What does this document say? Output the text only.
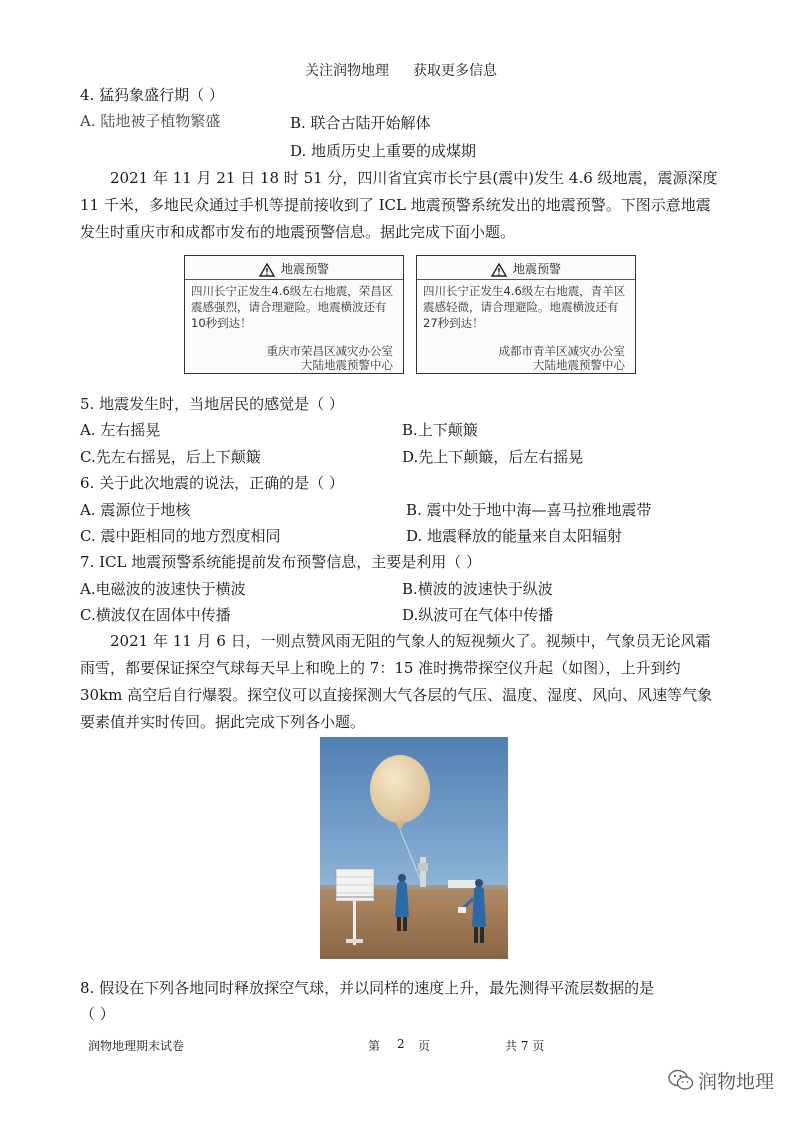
关注润物地理 获取更多信息
4. 猛犸象盛行期（ ）
A. 陆地被子植物繁盛	B. 联合古陆开始解体
D. 地质历史上重要的成煤期
2021 年 11 月 21 日 18 时 51 分，四川省宜宾市长宁县(震中)发生 4.6 级地震，震源深度 11 千米，多地民众通过手机等提前接收到了 ICL 地震预警系统发出的地震预警。下图示意地震发生时重庆市和成都市发布的地震预警信息。据此完成下面小题。
地震预警
四川长宁正发生4.6级左右地震，荣昌区震感强烈，请合理避险。地震横波还有10秒到达！
重庆市荣昌区减灾办公室
大陆地震预警中心
地震预警
四川长宁正发生4.6级左右地震，青羊区震感轻微，请合理避险。地震横波还有27秒到达！
成都市青羊区减灾办公室
大陆地震预警中心
5. 地震发生时，当地居民的感觉是（ ）
A. 左右摇晃	B.上下颠簸
C.先左右摇晃，后上下颠簸	D.先上下颠簸，后左右摇晃
6. 关于此次地震的说法，正确的是（ ）
A. 震源位于地核	B. 震中处于地中海—喜马拉雅地震带
C. 震中距相同的地方烈度相同	D. 地震释放的能量来自太阳辐射
7. ICL 地震预警系统能提前发布预警信息，主要是利用（ ）
A.电磁波的波速快于横波	B.横波的波速快于纵波
C.横波仅在固体中传播	D.纵波可在气体中传播
2021 年 11 月 6 日，一则点赞风雨无阻的气象人的短视频火了。视频中，气象员无论风霜雨雪，都要保证探空气球每天早上和晚上的 7：15 准时携带探空仪升起（如图），上升到约 30km 高空后自行爆裂。探空仪可以直接探测大气各层的气压、温度、湿度、风向、风速等气象要素值并实时传回。据此完成下列各小题。
8. 假设在下列各地同时释放探空气球，并以同样的速度上升，最先测得平流层数据的是
（ ）
润物地理期末试卷	第 2 页	共 7 页
润物地理
